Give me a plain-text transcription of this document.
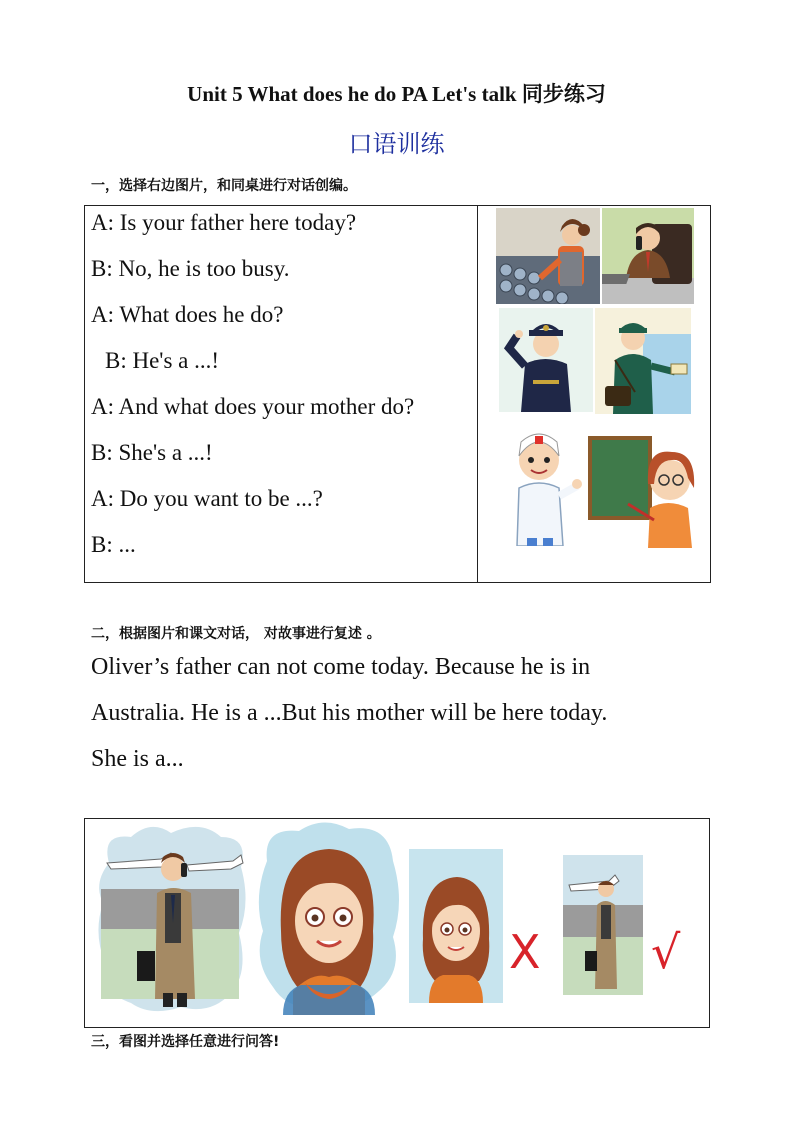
Unit 5 What does he do PA Let's talk 同步练习
口语训练
一，选择右边图片，和同桌进行对话创编。
A: Is your father here today?
B: No, he is too busy.
A: What does he do?
B: He's a ...!
A: And what does your mother do?
B: She's a ...!
A: Do you want to be ...?
B: ...
二，根据图片和课文对话， 对故事进行复述 。
Oliver’s father can not come today. Because he is in
Australia. He is a ...But his mother will be here today.
She is a...
X √
三，看图并选择任意进行问答!
